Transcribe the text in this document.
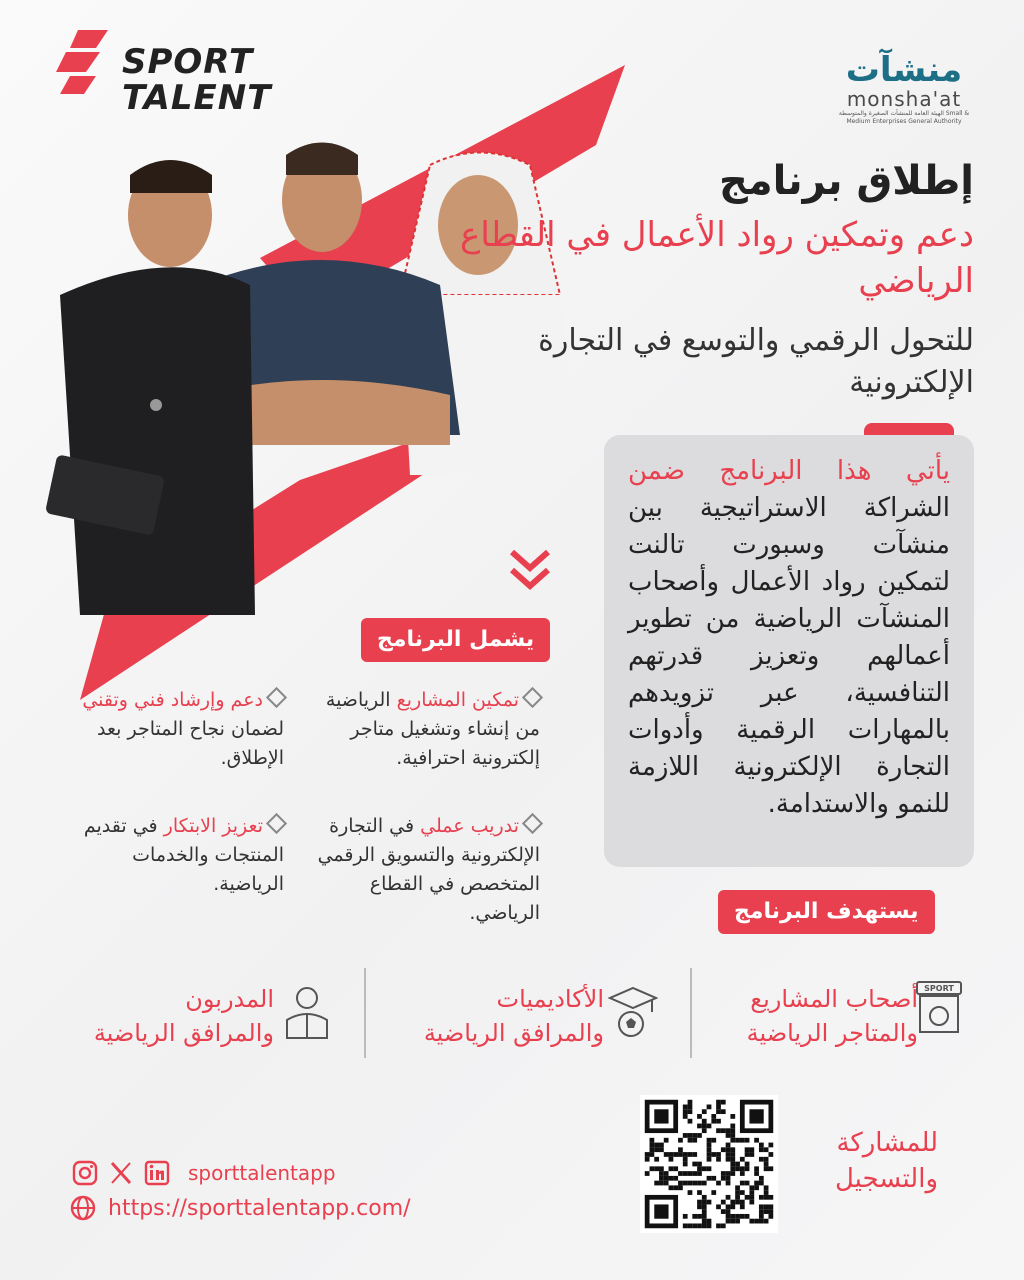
SPORT TALENT
منشآت
monsha'at
الهيئة العامة للمنشآت الصغيرة والمتوسطة Small & Medium Enterprises General Authority
إطلاق برنامج
دعم وتمكين رواد الأعمال في القطاع الرياضي
للتحول الرقمي والتوسع في التجارة الإلكترونية
يأتي هذا البرنامج ضمن الشراكة الاستراتيجية بين منشآت وسبورت تالنت لتمكين رواد الأعمال وأصحاب المنشآت الرياضية من تطوير أعمالهم وتعزيز قدرتهم التنافسية، عبر تزويدهم بالمهارات الرقمية وأدوات التجارة الإلكترونية اللازمة للنمو والاستدامة.
يشمل البرنامج
تمكين المشاريع الرياضية من إنشاء وتشغيل متاجر إلكترونية احترافية.
دعم وإرشاد فني وتقني لضمان نجاح المتاجر بعد الإطلاق.
تدريب عملي في التجارة الإلكترونية والتسويق الرقمي المتخصص في القطاع الرياضي.
تعزيز الابتكار في تقديم المنتجات والخدمات الرياضية.
يستهدف البرنامج
SPORT
أصحاب المشاريع
والمتاجر الرياضية
الأكاديميات
والمرافق الرياضية
المدربون
والمرافق الرياضية
للمشاركة
والتسجيل
sporttalentapp
https://sporttalentapp.com/
